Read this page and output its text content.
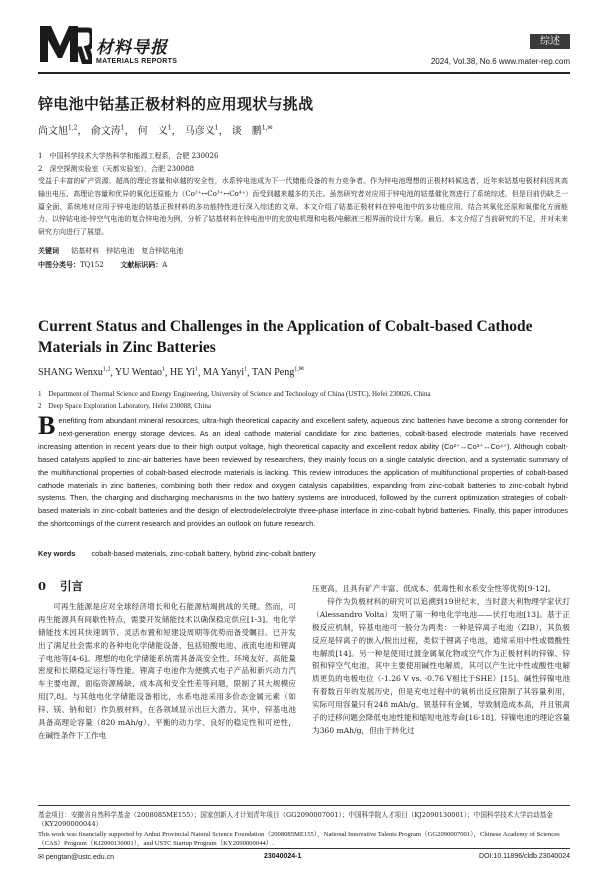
材料导报
MATERIALS REPORTS
综述
2024, Vol.38, No.6 www.mater-rep.com
锌电池中钴基正极材料的应用现状与挑战
尚文旭$^{1,2}$， 俞文涛$^1$， 何　义$^1$， 马彦义$^1$， 谈　鹏$^{1,✉}$
1　中国科学技术大学热科学和能源工程系，合肥 230026
2　深空探测实验室（天都实验室），合肥 230088
受益于丰富的矿产资源、超高的理论容量和卓越的安全性，水系锌电池成为下一代储能设备的有力竞争者。作为锌电池理想的正极材料候选者，近年来钴基电极材料因其高输出电压、高理论容量和优异的氧化还原能力（Co²⁺↔Co³⁺↔Co⁴⁺）而受到越来越多的关注。虽然研究者对应用于锌电池的钴基催化剂进行了系统综述，但是目前仍缺乏一篇全面、系统地对应用于锌电池的钴基正极材料的多功能特性进行深入综述的文章。本文介绍了钴基正极材料在锌电池中的多功能应用，结合其氧化还原和氧催化方面能力，以锌钴电池-锌空气电池的复合锌电池为例，分析了钴基材料在锌电池中的充放电机理和电极/电解液三相界面的设计方案。最后，本文介绍了当前研究的不足，并对未来研究方向进行了展望。
关键词 钴基材料　锌钴电池　复合锌钴电池
中图分类号：TQ152 文献标识码：A
Current Status and Challenges in the Application of Cobalt-based Cathode Materials in Zinc Batteries
SHANG Wenxu$^{1,2}$, YU Wentao$^1$, HE Yi$^1$, MA Yanyi$^1$, TAN Peng$^{1,✉}$
1　Department of Thermal Science and Energy Engineering, University of Science and Technology of China (USTC), Hefei 230026, China
2　Deep Space Exploration Laboratory, Hefei 230088, China
Benefiting from abundant mineral resources, ultra-high theoretical capacity and excellent safety, aqueous zinc batteries have become a strong contender for next-generation energy storage devices. As an ideal cathode material candidate for zinc batteries, cobalt-based electrode materials have received increasing attention in recent years due to their high output voltage, high theoretical capacity and excellent redox ability (Co²⁺↔Co³⁺↔Co⁴⁺). Although cobalt-based catalysts applied to zinc-air batteries have been reviewed by researchers, they mainly focus on a single catalytic direction, and a systematic summary of the multifunctional properties of cobalt-based electrode materials is lacking. This review introduces the application of multifunctional properties of cobalt-based cathode materials in zinc batteries, combining both their redox and oxygen catalysis capabilities, expanding from zinc-cobalt batteries to zinc-cobalt hybrid systems. Then, the charging and discharging mechanisms in the two battery systems are introduced, followed by the current optimization strategies of cobalt-based materials in zinc-cobalt batteries and the design of electrode/electrolyte three-phase interface in zinc-cobalt hybrid batteries. Finally, this paper introduces the shortcomings of the current research and provides an outlook on future research.
Key words cobalt-based materials, zinc-cobalt battery, hybrid zinc-cobalt battery
0 引言

可再生能源是应对全球经济增长和化石能源枯竭挑战的关键。然而，可再生能源具有间歇性特点，需要开发储能技术以确保稳定供应[1-3]。电化学储能技术因其快速调节、灵活布置和短建设周期等优势而备受瞩目。已开发出了满足社会需求的各种电化学储能设备，包括铅酸电池、液流电池和锂离子电池等[4-6]。理想的电化学储能系统需具备高安全性、环境友好、高能量密度和长期稳定运行等性能。锂离子电池作为便携式电子产品和新兴动力汽车主要电源，面临资源稀缺、成本高和安全性差等问题，限制了其大规模应用[7,8]。与其他电化学储能设备相比，水系电池采用多价态金属元素（如锌、镁、钠和铝）作负极材料，在各领域显示出巨大潜力。其中，锌基电池具备高理论容量（820 mAh/g）、平衡的动力学、良好的稳定性和可逆性，在碱性条件下工作电

压更高，且具有矿产丰富、低成本、低毒性和水系安全性等优势[9-12]。

锌作为负极材料的研究可以追溯到19世纪末，当时意大利物理学家伏打（Alessandro Volta）发明了第一种电化学电池——伏打电池[13]。基于正极反应机制，锌基电池可一般分为两类：一种是锌离子电池（ZIB），其负极反应是锌离子的嵌入/脱出过程，类似于锂离子电池，通常采用中性或微酸性电解质[14]。另一种是使用过渡金属氧化物或空气作为正极材料的锌镍、锌银和锌空气电池，其中主要使用碱性电解质，其可以产生比中性或酸性电解质更负的电极电位（-1.26 V vs. -0.76 V相比于SHE）[15]。碱性锌镍电池有着数百年的发展历史，但是充电过程中的氧析出反应限制了其容量利用，实际可用容量只有248 mAh/g。银基锌有金属，导致制造成本高，并且银离子的迁移问题会降低电池性能和缩短电池寿命[16-18]。锌镍电池的理论容量为360 mAh/g，但由于转化过

基金项目：安徽省自然科学基金（2008085ME155）；国家创新人才计划青年项目（GG2090007001）；中国科学院人才项目（KJ2090130001）；中国科学技术大学启动基金（KY2090000044）
This work was financially supported by Anhui Provincial Natural Science Foundation（2008085ME155），National Innovative Talents Program（GG2090007001），Chinese Academy of Sciences（CAS）Program（KJ2090130001），and USTC Startup Program（KY2090000044）.
✉ pengtan@ustc.edu.cn	23040024-1	DOI:10.11896/cldb.23040024
